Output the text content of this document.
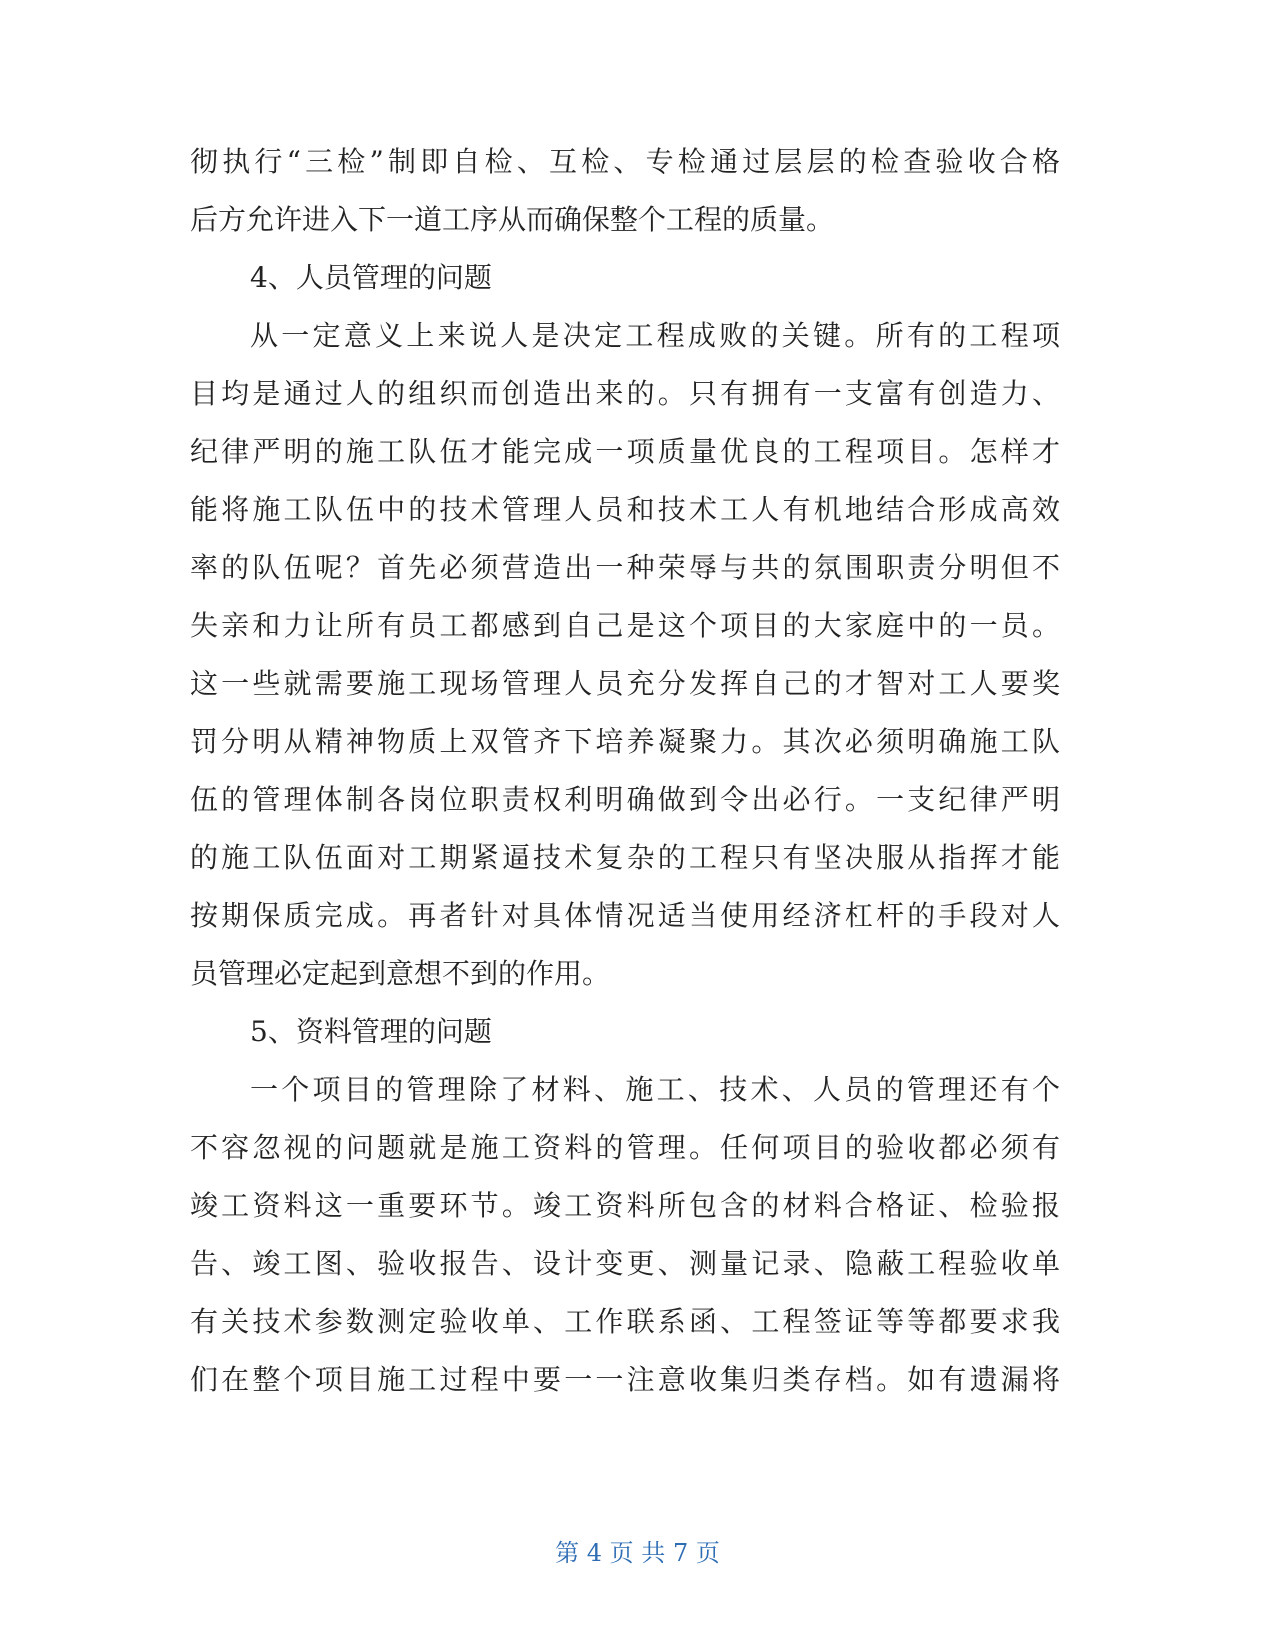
彻执行“三检”制即自检、互检、专检通过层层的检查验收合格
后方允许进入下一道工序从而确保整个工程的质量。
4、人员管理的问题
从一定意义上来说人是决定工程成败的关键。所有的工程项
目均是通过人的组织而创造出来的。只有拥有一支富有创造力、
纪律严明的施工队伍才能完成一项质量优良的工程项目。怎样才
能将施工队伍中的技术管理人员和技术工人有机地结合形成高效
率的队伍呢？首先必须营造出一种荣辱与共的氛围职责分明但不
失亲和力让所有员工都感到自己是这个项目的大家庭中的一员。
这一些就需要施工现场管理人员充分发挥自己的才智对工人要奖
罚分明从精神物质上双管齐下培养凝聚力。其次必须明确施工队
伍的管理体制各岗位职责权利明确做到令出必行。一支纪律严明
的施工队伍面对工期紧逼技术复杂的工程只有坚决服从指挥才能
按期保质完成。再者针对具体情况适当使用经济杠杆的手段对人
员管理必定起到意想不到的作用。
5、资料管理的问题
一个项目的管理除了材料、施工、技术、人员的管理还有个
不容忽视的问题就是施工资料的管理。任何项目的验收都必须有
竣工资料这一重要环节。竣工资料所包含的材料合格证、检验报
告、竣工图、验收报告、设计变更、测量记录、隐蔽工程验收单
有关技术参数测定验收单、工作联系函、工程签证等等都要求我
们在整个项目施工过程中要一一注意收集归类存档。如有遗漏将
第 4 页 共 7 页
